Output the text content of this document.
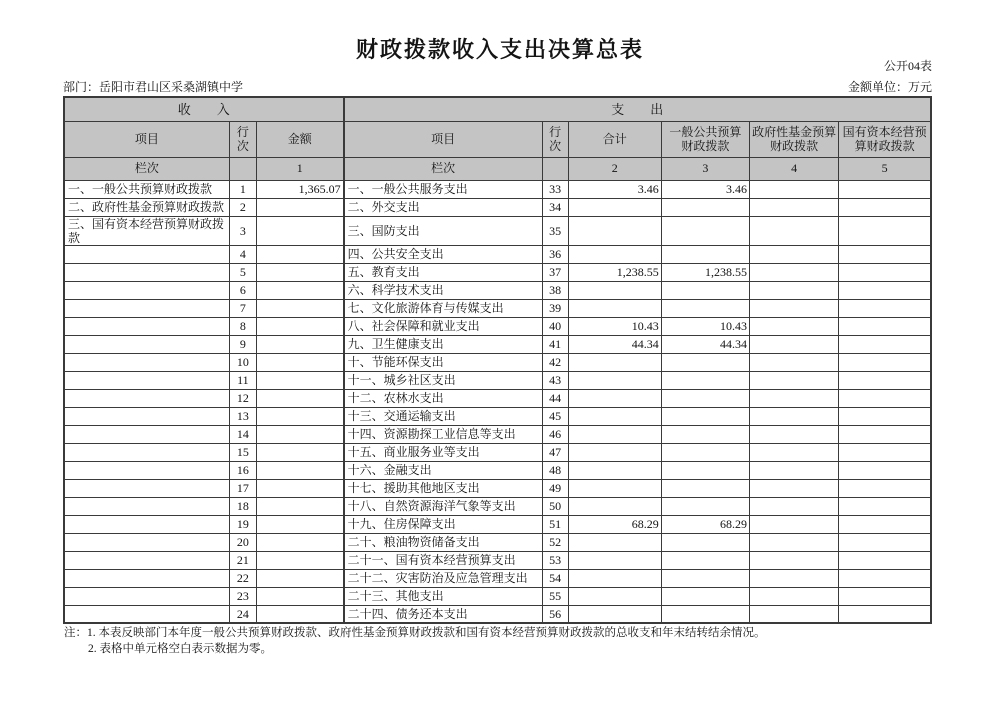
财政拨款收入支出决算总表
公开04表
部门：岳阳市君山区采桑湖镇中学	金额单位：万元
收　　入			支　　出					
项目	行次	金额	项目	行次	合计	一般公共预算财政拨款	政府性基金预算财政拨款	国有资本经营预算财政拨款
栏次		1	栏次		2	3	4	5
一、一般公共预算财政拨款	1	1,365.07	一、一般公共服务支出	33	3.46	3.46		
二、政府性基金预算财政拨款	2		二、外交支出	34				
三、国有资本经营预算财政拨款	3		三、国防支出	35				
	4		四、公共安全支出	36				
	5		五、教育支出	37	1,238.55	1,238.55		
	6		六、科学技术支出	38				
	7		七、文化旅游体育与传媒支出	39				
	8		八、社会保障和就业支出	40	10.43	10.43		
	9		九、卫生健康支出	41	44.34	44.34		
	10		十、节能环保支出	42				
	11		十一、城乡社区支出	43				
	12		十二、农林水支出	44				
	13		十三、交通运输支出	45				
	14		十四、资源勘探工业信息等支出	46				
	15		十五、商业服务业等支出	47				
	16		十六、金融支出	48				
	17		十七、援助其他地区支出	49				
	18		十八、自然资源海洋气象等支出	50				
	19		十九、住房保障支出	51	68.29	68.29		
	20		二十、粮油物资储备支出	52				
	21		二十一、国有资本经营预算支出	53				
	22		二十二、灾害防治及应急管理支出	54				
	23		二十三、其他支出	55				
	24		二十四、债务还本支出	56				
注：1. 本表反映部门本年度一般公共预算财政拨款、政府性基金预算财政拨款和国有资本经营预算财政拨款的总收支和年末结转结余情况。
2. 表格中单元格空白表示数据为零。
